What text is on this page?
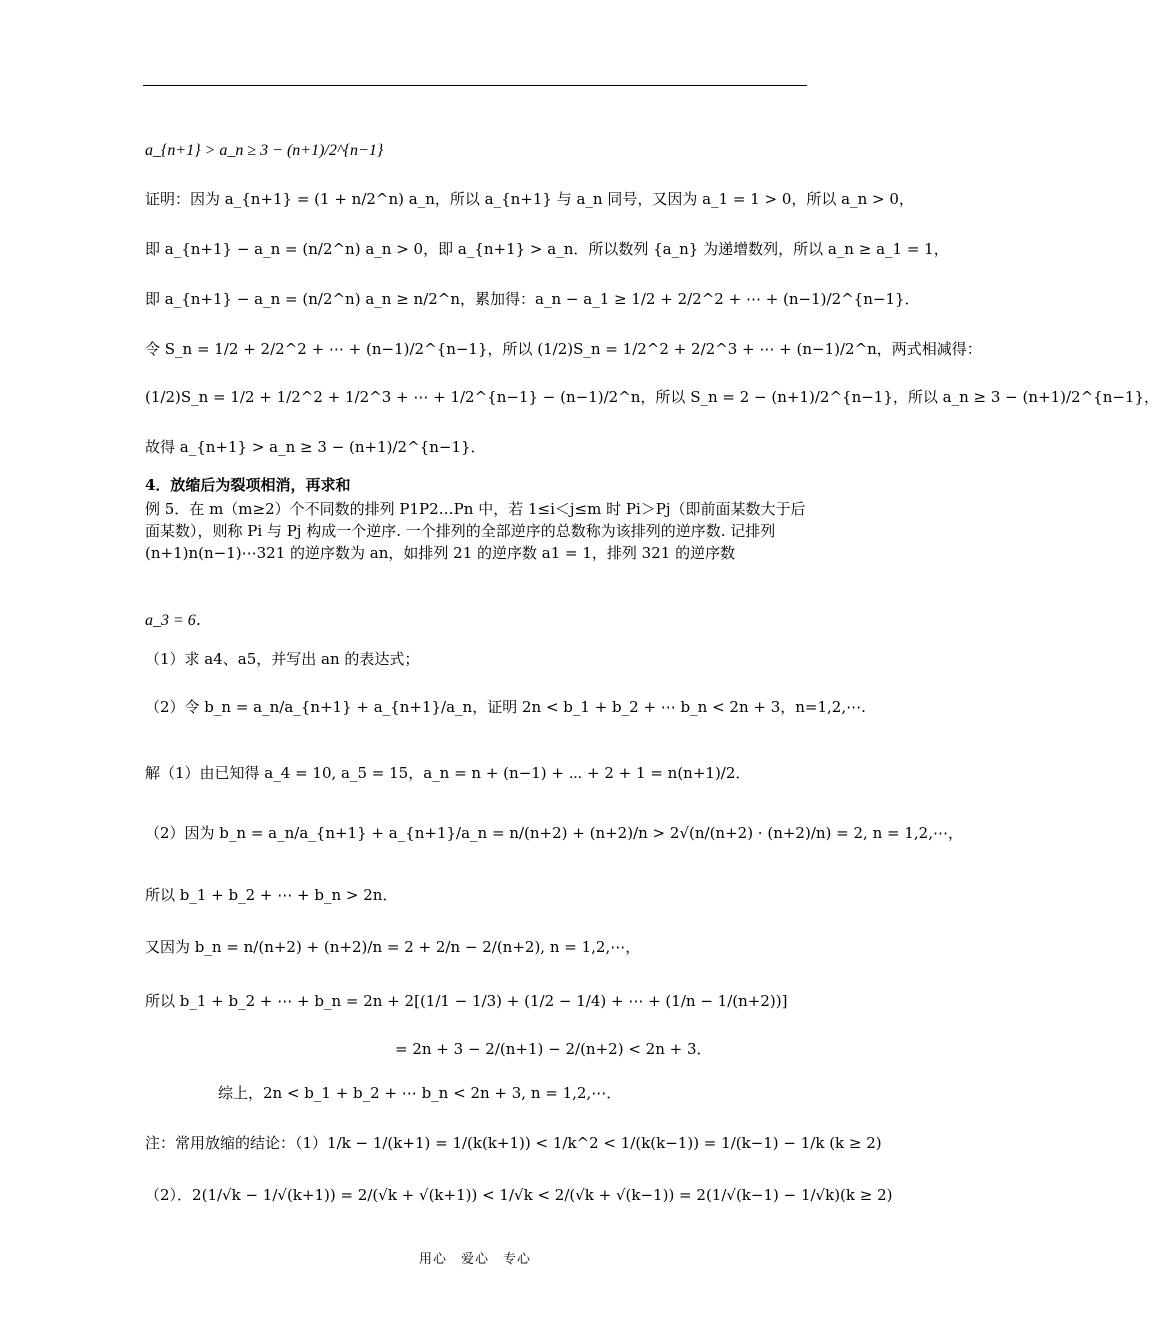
a_{n+1} > a_n ≥ 3 − (n+1)/2^{n−1}
证明：因为 a_{n+1} = (1 + n/2^n) a_n，所以 a_{n+1} 与 a_n 同号，又因为 a_1 = 1 > 0，所以 a_n > 0，
即 a_{n+1} − a_n = (n/2^n) a_n > 0，即 a_{n+1} > a_n．所以数列 {a_n} 为递增数列，所以 a_n ≥ a_1 = 1，
即 a_{n+1} − a_n = (n/2^n) a_n ≥ n/2^n，累加得：a_n − a_1 ≥ 1/2 + 2/2^2 + ⋯ + (n−1)/2^{n−1}．
令 S_n = 1/2 + 2/2^2 + ⋯ + (n−1)/2^{n−1}，所以 (1/2)S_n = 1/2^2 + 2/2^3 + ⋯ + (n−1)/2^n，两式相减得：
(1/2)S_n = 1/2 + 1/2^2 + 1/2^3 + ⋯ + 1/2^{n−1} − (n−1)/2^n，所以 S_n = 2 − (n+1)/2^{n−1}，所以 a_n ≥ 3 − (n+1)/2^{n−1}，
故得 a_{n+1} > a_n ≥ 3 − (n+1)/2^{n−1}．
4．放缩后为裂项相消，再求和
例 5．在 m（m≥2）个不同数的排列 P1P2…Pn 中，若 1≤i＜j≤m 时 Pi＞Pj（即前面某数大于后面某数），则称 Pi 与 Pj 构成一个逆序. 一个排列的全部逆序的总数称为该排列的逆序数. 记排列 (n+1)n(n−1)⋯321 的逆序数为 an，如排列 21 的逆序数 a1 = 1，排列 321 的逆序数
a_3 = 6．
（1）求 a4、a5，并写出 an 的表达式；
（2）令 b_n = a_n/a_{n+1} + a_{n+1}/a_n，证明 2n < b_1 + b_2 + ⋯ b_n < 2n + 3，n=1,2,⋯.
解（1）由已知得 a_4 = 10, a_5 = 15，a_n = n + (n−1) + ⋯ + 2 + 1 = n(n+1)/2．
（2）因为 b_n = a_n/a_{n+1} + a_{n+1}/a_n = n/(n+2) + (n+2)/n > 2√(n/(n+2) · (n+2)/n) = 2, n = 1,2,⋯，
所以 b_1 + b_2 + ⋯ + b_n > 2n．
又因为 b_n = n/(n+2) + (n+2)/n = 2 + 2/n − 2/(n+2), n = 1,2,⋯，
所以 b_1 + b_2 + ⋯ + b_n = 2n + 2[(1/1 − 1/3) + (1/2 − 1/4) + ⋯ + (1/n − 1/(n+2))]
= 2n + 3 − 2/(n+1) − 2/(n+2) < 2n + 3．
综上，2n < b_1 + b_2 + ⋯ b_n < 2n + 3, n = 1,2,⋯．
注：常用放缩的结论：（1）1/k − 1/(k+1) = 1/(k(k+1)) < 1/k^2 < 1/(k(k−1)) = 1/(k−1) − 1/k (k ≥ 2)
（2）．2(1/√k − 1/√(k+1)) = 2/(√k + √(k+1)) < 1/√k < 2/(√k + √(k−1)) = 2(1/√(k−1) − 1/√k)(k ≥ 2)
用心　爱心　专心
